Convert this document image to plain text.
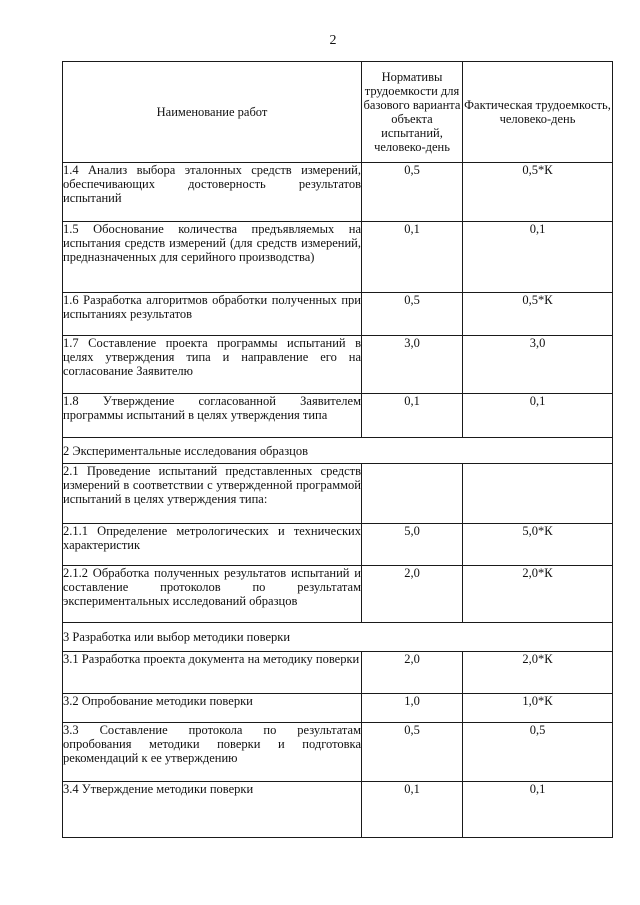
2
Наименование работ	Нормативы трудоемкости для базового варианта объекта испытаний, человеко-день	Фактическая трудоемкость, человеко-день
1.4 Анализ выбора эталонных средств измерений, обеспечивающих достоверность результатов испытаний	0,5	0,5*К
1.5 Обоснование количества предъявляемых на испытания средств измерений (для средств измерений, предназначенных для серийного производства)	0,1	0,1
1.6 Разработка алгоритмов обработки полученных при испытаниях результатов	0,5	0,5*К
1.7 Составление проекта программы испытаний в целях утверждения типа и направление его на согласование Заявителю	3,0	3,0
1.8 Утверждение согласованной Заявителем программы испытаний в целях утверждения типа	0,1	0,1
2 Экспериментальные исследования образцов		
2.1 Проведение испытаний представленных средств измерений в соответствии с утвержденной программой испытаний в целях утверждения типа:		
2.1.1 Определение метрологических и технических характеристик	5,0	5,0*К
2.1.2 Обработка полученных результатов испытаний и составление протоколов по результатам экспериментальных исследований образцов	2,0	2,0*К
3 Разработка или выбор методики поверки		
3.1 Разработка проекта документа на методику поверки	2,0	2,0*К
3.2 Опробование методики поверки	1,0	1,0*К
3.3 Составление протокола по результатам опробования методики поверки и подготовка рекомендаций к ее утверждению	0,5	0,5
3.4 Утверждение методики поверки	0,1	0,1
